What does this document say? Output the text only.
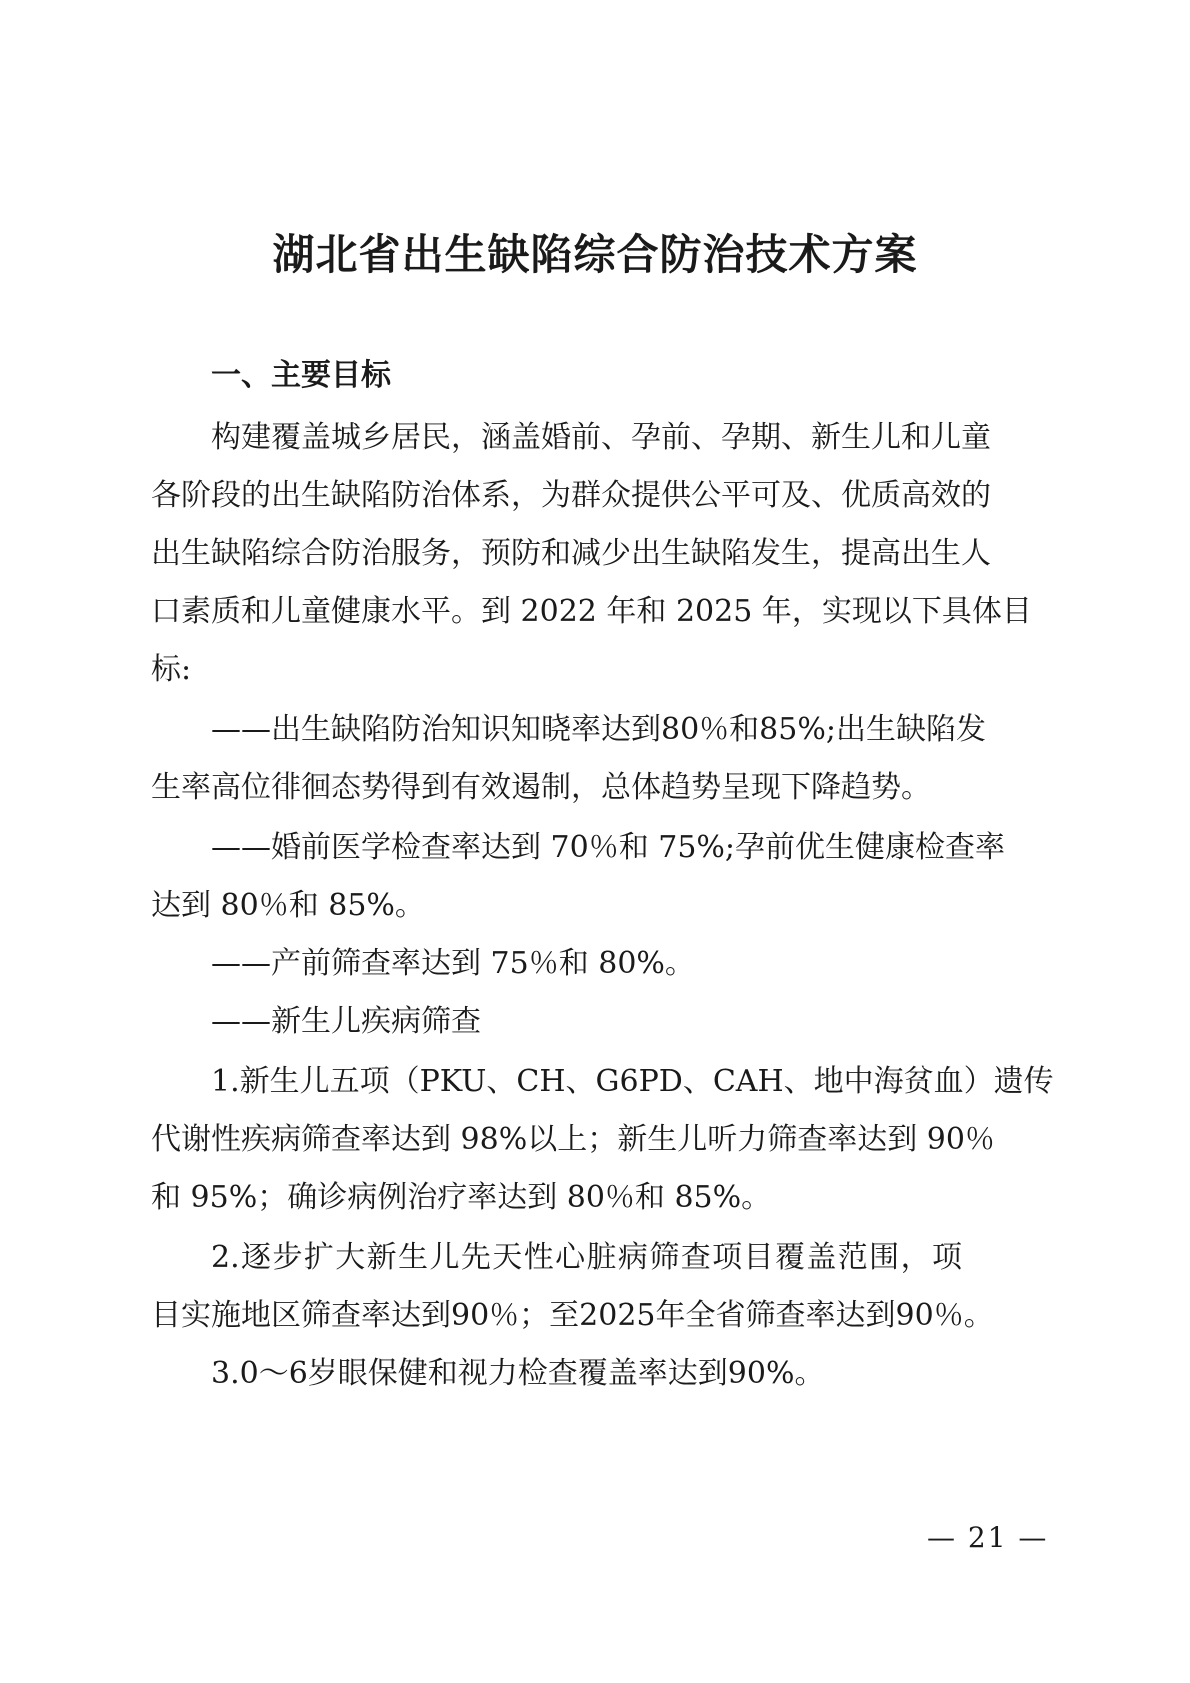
湖北省出生缺陷综合防治技术方案
一、主要目标
构建覆盖城乡居民，涵盖婚前、孕前、孕期、新生儿和儿童
各阶段的出生缺陷防治体系，为群众提供公平可及、优质高效的
出生缺陷综合防治服务，预防和减少出生缺陷发生，提高出生人
口素质和儿童健康水平。到 2022 年和 2025 年，实现以下具体目
标:
——出生缺陷防治知识知晓率达到80％和85%;出生缺陷发
生率高位徘徊态势得到有效遏制，总体趋势呈现下降趋势。
——婚前医学检查率达到 70％和 75%;孕前优生健康检查率
达到 80％和 85%。
——产前筛查率达到 75％和 80%。
——新生儿疾病筛查
1.新生儿五项（PKU、CH、G6PD、CAH、地中海贫血）遗传
代谢性疾病筛查率达到 98%以上；新生儿听力筛查率达到 90％
和 95%；确诊病例治疗率达到 80％和 85%。
2.逐步扩大新生儿先天性心脏病筛查项目覆盖范围，项
目实施地区筛查率达到90％；至2025年全省筛查率达到90％。
3.0～6岁眼保健和视力检查覆盖率达到90%。
— 21 —
